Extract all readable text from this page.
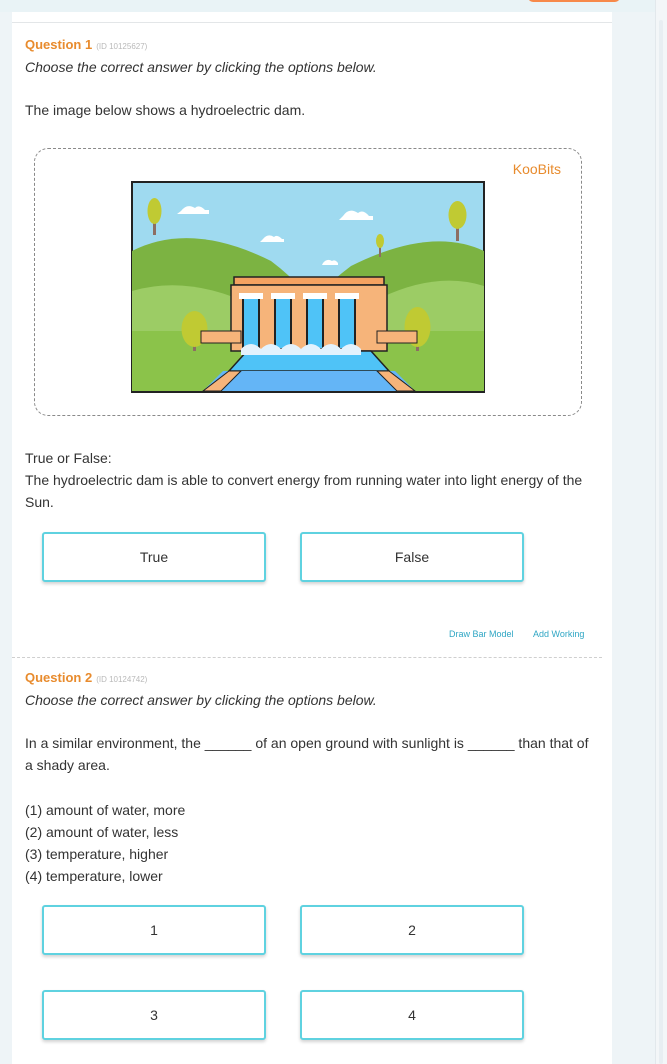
Question 1 (ID 10125627)
Choose the correct answer by clicking the options below.
The image below shows a hydroelectric dam.
KooBits
True or False:
The hydroelectric dam is able to convert energy from running water into light energy of the Sun.
True	False
Draw Bar Model Add Working
Question 2 (ID 10124742)
Choose the correct answer by clicking the options below.
In a similar environment, the ______ of an open ground with sunlight is ______ than that of a shady area.
(1) amount of water, more
(2) amount of water, less
(3) temperature, higher
(4) temperature, lower
1	2
3	4
